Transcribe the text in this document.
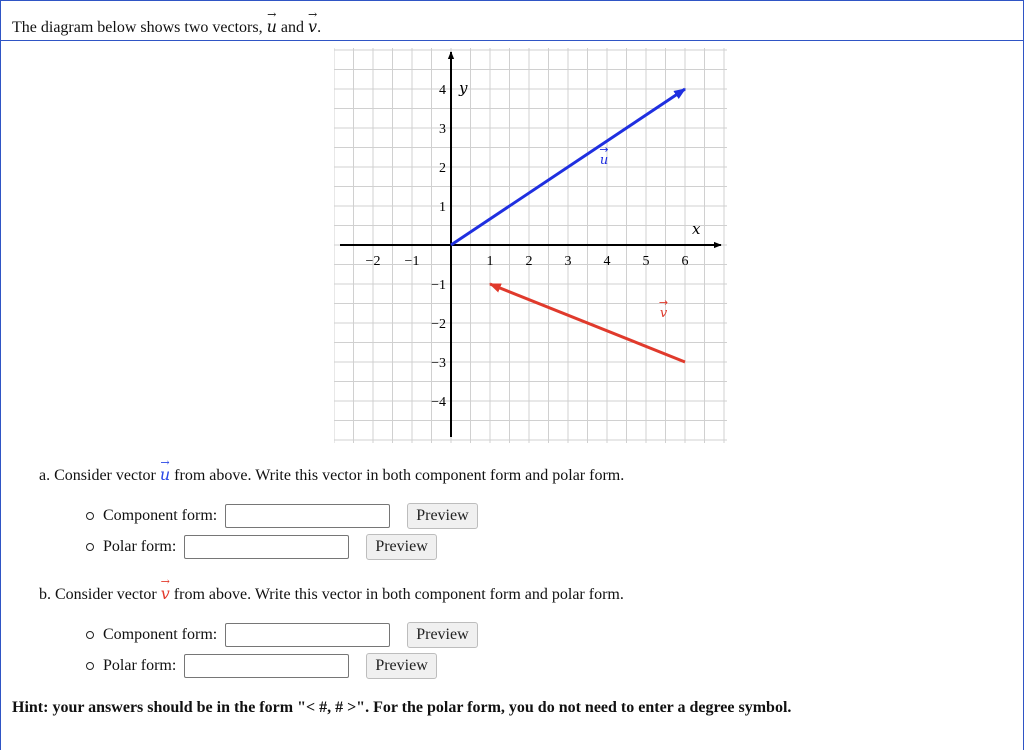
The diagram below shows two vectors, → u and → v.
x
y
−2 −1	1 2 3 4 5 6
4
3
2
1
−1
−2
−3
−4
u
→
v
→
a. Consider vector → u from above. Write this vector in both component form and polar form.
Component form:	Preview
Polar form:	Preview
b. Consider vector → v from above. Write this vector in both component form and polar form.
Component form:	Preview
Polar form:	Preview
Hint: your answers should be in the form "< #, # >". For the polar form, you do not need to enter a degree symbol.
